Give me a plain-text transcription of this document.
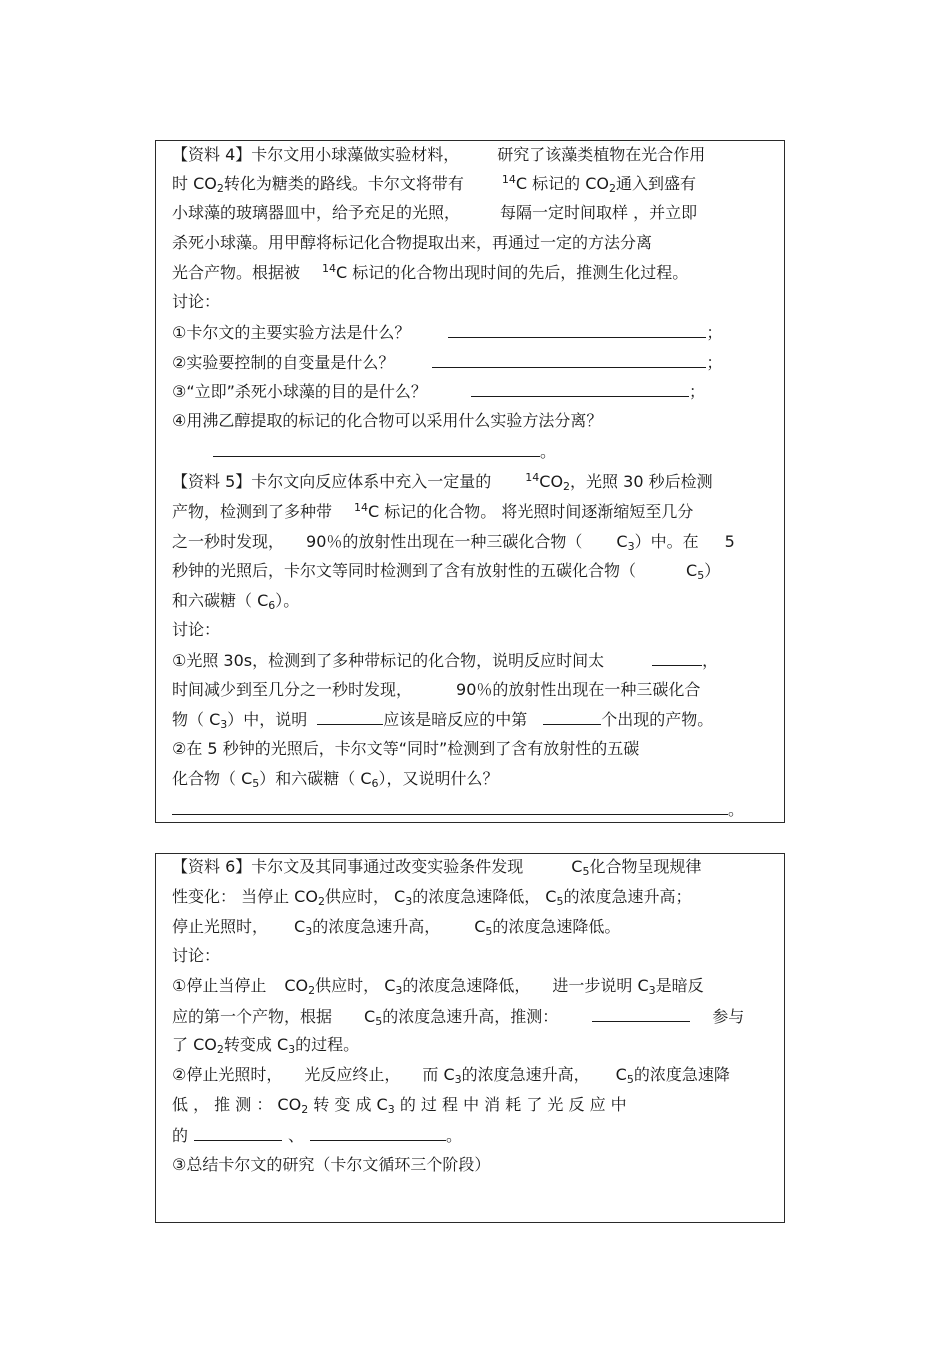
【资料 4】卡尔文用小球藻做实验材料， 研究了该藻类植物在光合作用
时 $CO_2$转化为糖类的路线。卡尔文将带有	$^{14}$C 标记的 $CO_2$通入到盛有
小球藻的玻璃器皿中，给予充足的光照，	每隔一定时间取样 ，并立即
杀死小球藻。用甲醇将标记化合物提取出来，再通过一定的方法分离
光合产物。根据被 $^{14}$C 标记的化合物出现时间的先后，推测生化过程。
讨论：
①卡尔文的主要实验方法是什么？	；
②实验要控制的自变量是什么？	；
③“立即”杀死小球藻的目的是什么？	；
④用沸乙醇提取的标记的化合物可以采用什么实验方法分离？
。
【资料 5】卡尔文向反应体系中充入一定量的	$^{14}CO_2$，光照 30 秒后检测
产物，检测到了多种带 $^{14}$C 标记的化合物。 将光照时间逐渐缩短至几分
之一秒时发现， 90％的放射性出现在一种三碳化合物（ $C_3$）中。在 5
秒钟的光照后，卡尔文等同时检测到了含有放射性的五碳化合物（	$C_5$）
和六碳糖（ $C_6$）。
讨论：
①光照 30s，检测到了多种带标记的化合物，说明反应时间太	，
时间减少到至几分之一秒时发现，	90％的放射性出现在一种三碳化合
物（ $C_3$）中，说明	应该是暗反应的中第	个出现的产物。
②在 5 秒钟的光照后，卡尔文等“同时”检测到了含有放射性的五碳
化合物（ $C_5$）和六碳糖（ $C_6$），又说明什么？
。
【资料 6】卡尔文及其同事通过改变实验条件发现	$C_5$化合物呈现规律
性变化： 当停止 $CO_2$供应时， $C_3$的浓度急速降低， $C_5$的浓度急速升高；
停止光照时， $C_3$的浓度急速升高， $C_5$的浓度急速降低。
讨论：
①停止当停止 $CO_2$供应时， $C_3$的浓度急速降低， 进一步说明 $C_3$是暗反
应的第一个产物，根据 $C_5$的浓度急速升高，推测：	参与
了 $CO_2$转变成 $C_3$的过程。
②停止光照时， 光反应终止， 而 $C_3$的浓度急速升高， $C_5$的浓度急速降
低 ， 推 测 ： $CO_2$ 转 变 成 $C_3$ 的 过 程 中 消 耗 了 光 反 应 中
的	、	。
③总结卡尔文的研究（卡尔文循环三个阶段）
